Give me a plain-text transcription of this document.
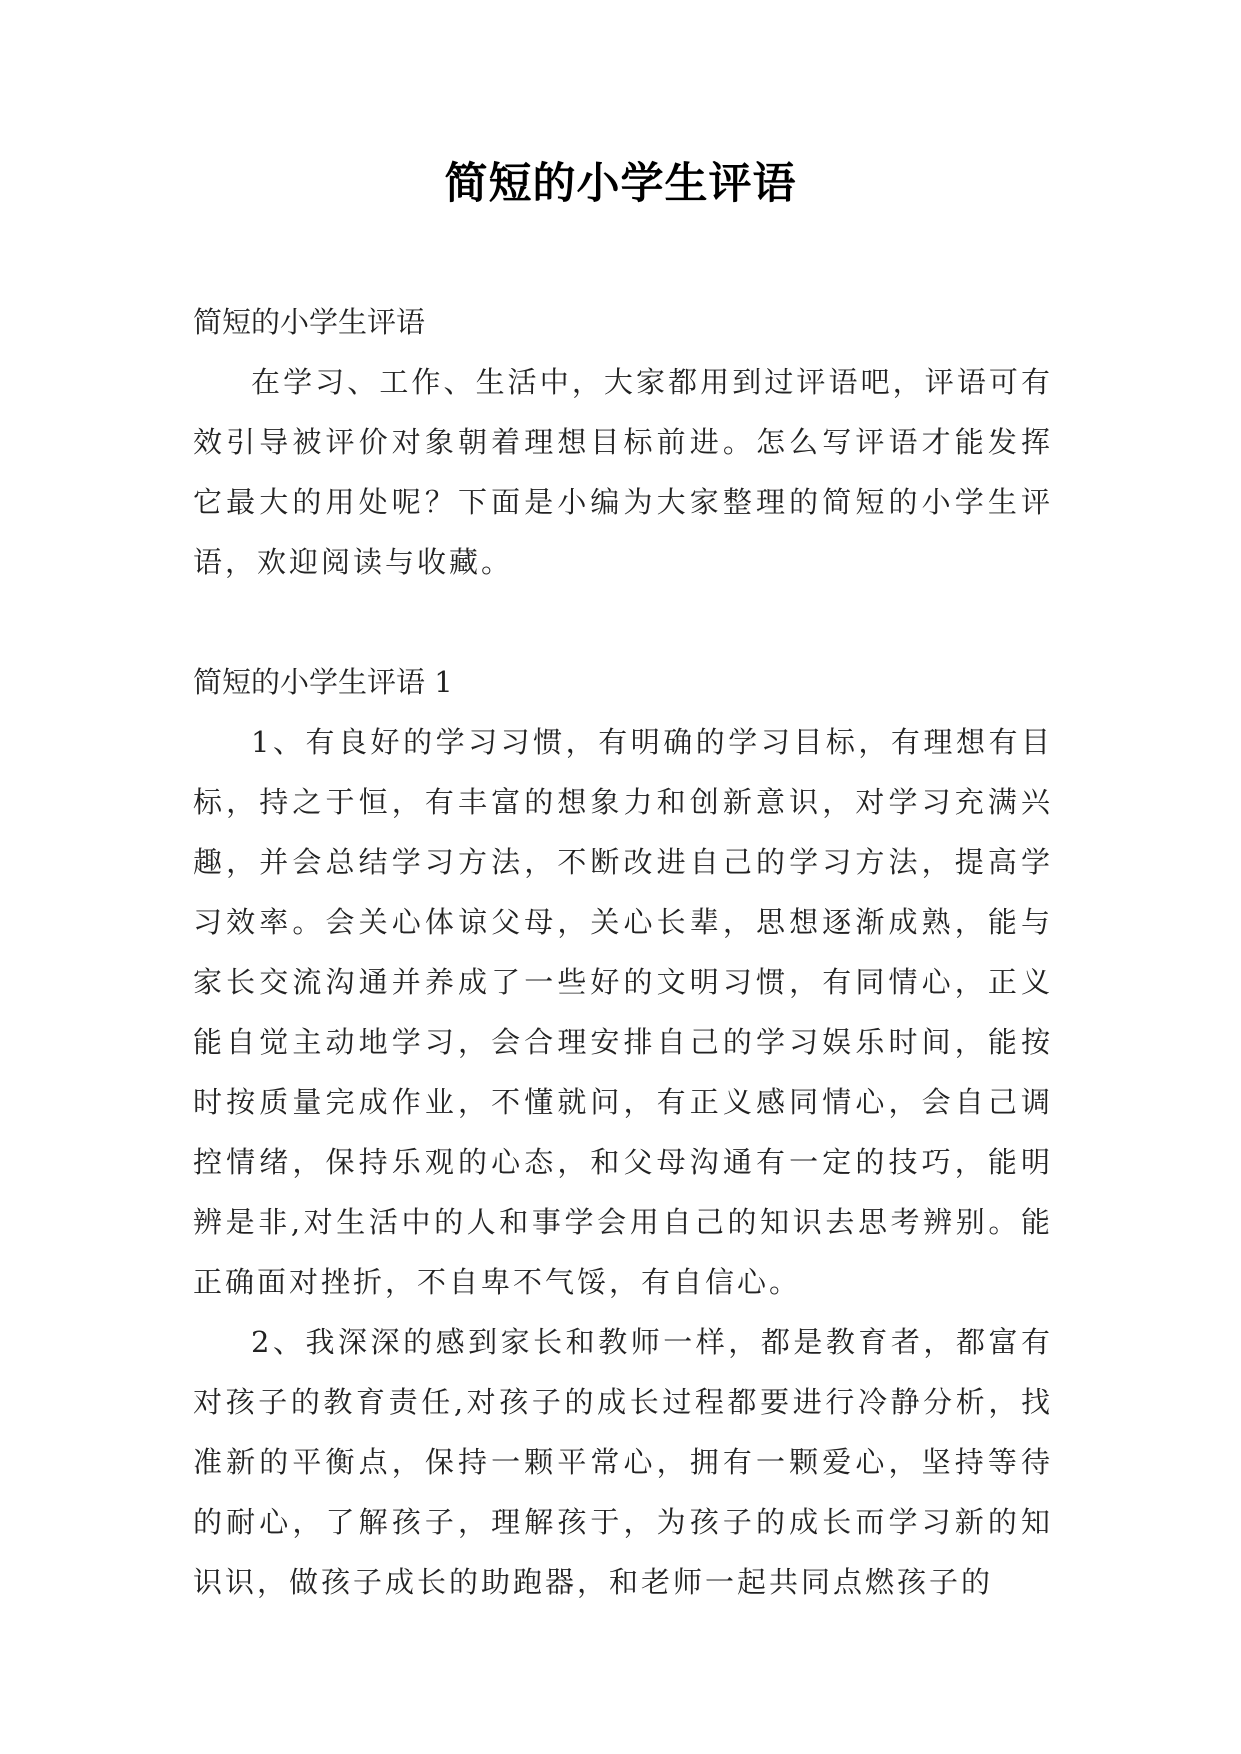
简短的小学生评语

简短的小学生评语

在学习、工作、生活中，大家都用到过评语吧，评语可有效引导被评价对象朝着理想目标前进。怎么写评语才能发挥它最大的用处呢？下面是小编为大家整理的简短的小学生评语，欢迎阅读与收藏。

简短的小学生评语 1

1、有良好的学习习惯，有明确的学习目标，有理想有目标，持之于恒，有丰富的想象力和创新意识，对学习充满兴趣，并会总结学习方法，不断改进自己的学习方法，提高学习效率。会关心体谅父母，关心长辈，思想逐渐成熟，能与家长交流沟通并养成了一些好的文明习惯，有同情心，正义能自觉主动地学习，会合理安排自己的学习娱乐时间，能按时按质量完成作业，不懂就问，有正义感同情心，会自己调控情绪，保持乐观的心态，和父母沟通有一定的技巧，能明辨是非,对生活中的人和事学会用自己的知识去思考辨别。能正确面对挫折，不自卑不气馁，有自信心。

2、我深深的感到家长和教师一样，都是教育者，都富有对孩子的教育责任,对孩子的成长过程都要进行冷静分析，找准新的平衡点，保持一颗平常心，拥有一颗爱心，坚持等待的耐心，了解孩子，理解孩于，为孩子的成长而学习新的知识识，做孩子成长的助跑器，和老师一起共同点燃孩子的
